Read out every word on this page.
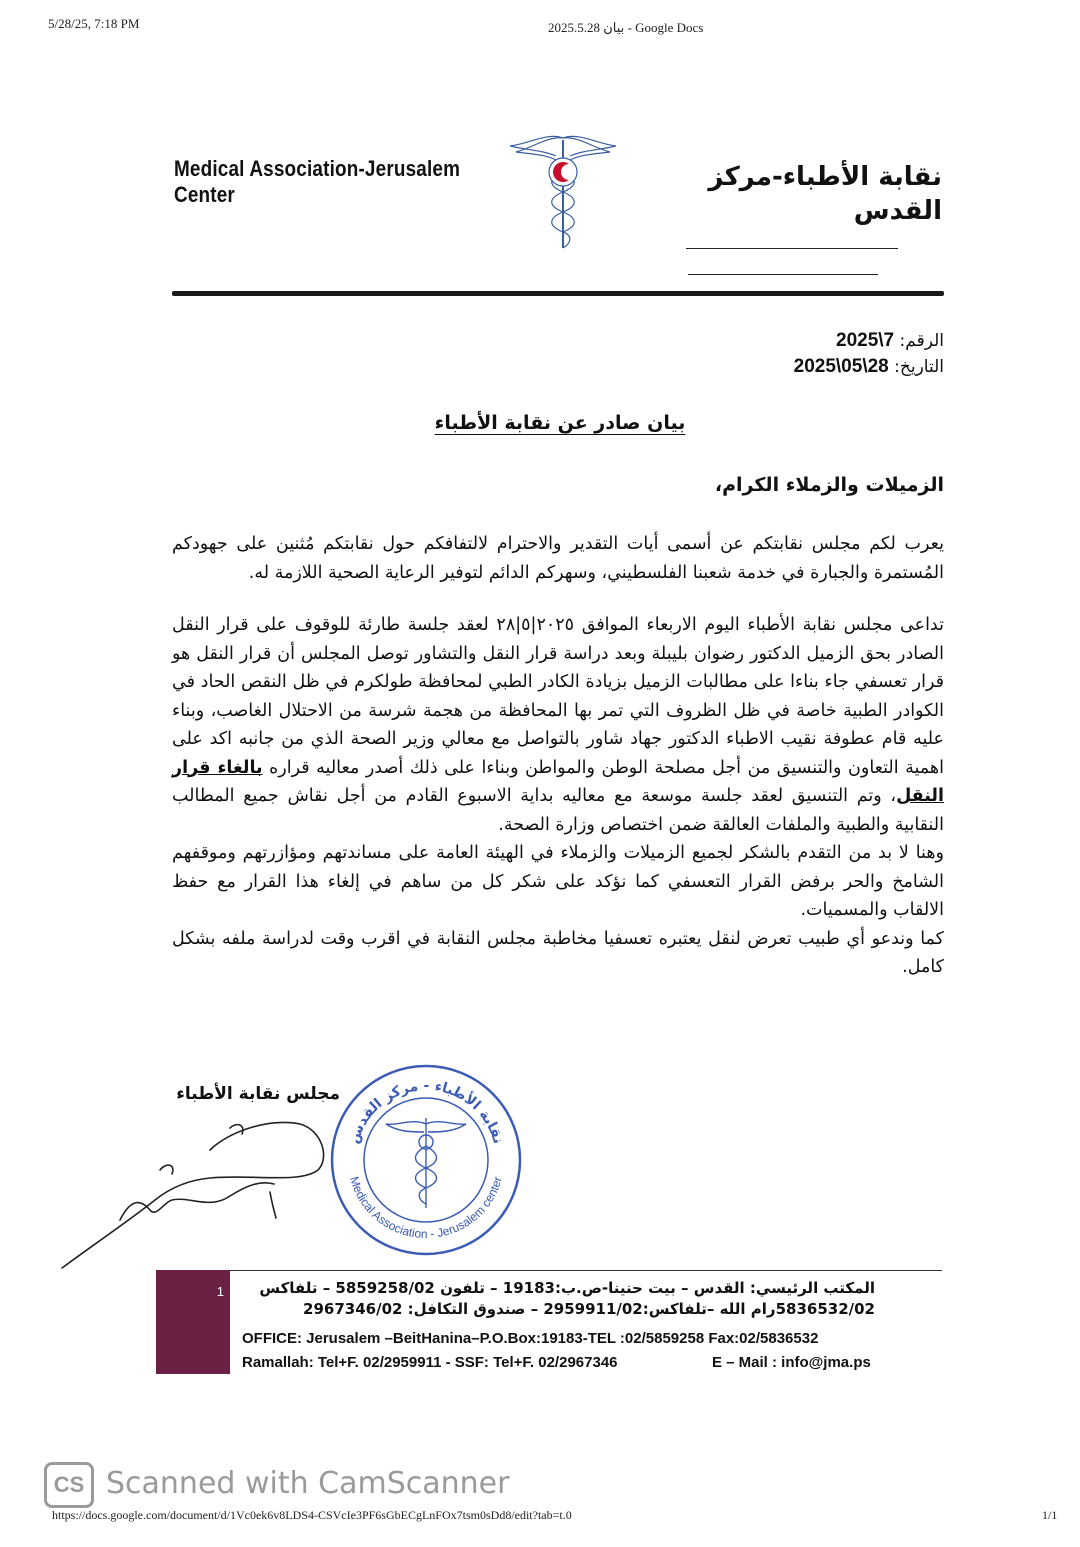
5/28/25, 7:18 PM	2025.5.28 بيان - Google Docs
Medical Association-Jerusalem
Center
نقابة الأطباء-مركز
القدس
الرقم: 2025\7
التاريخ: 2025\05\28
بيان صادر عن نقابة الأطباء
الزميلات والزملاء الكرام،

يعرب لكم مجلس نقابتكم عن أسمى أيات التقدير والاحترام لالتفافكم حول نقابتكم مُثنين على جهودكم المُستمرة والجبارة في خدمة شعبنا الفلسطيني، وسهركم الدائم لتوفير الرعاية الصحية اللازمة له.

تداعى مجلس نقابة الأطباء اليوم الاربعاء الموافق ٢٠٢٥|٥|٢٨ لعقد جلسة طارئة للوقوف على قرار النقل الصادر بحق الزميل الدكتور رضوان بليبلة وبعد دراسة قرار النقل والتشاور توصل المجلس أن قرار النقل هو قرار تعسفي جاء بناءا على مطالبات الزميل بزيادة الكادر الطبي لمحافظة طولكرم في ظل النقص الحاد في الكوادر الطبية خاصة في ظل الظروف التي تمر بها المحافظة من هجمة شرسة من الاحتلال الغاصب، وبناء عليه قام عطوفة نقيب الاطباء الدكتور جهاد شاور بالتواصل مع معالي وزير الصحة الذي من جانبه اكد على اهمية التعاون والتنسيق من أجل مصلحة الوطن والمواطن وبناءا على ذلك أصدر معاليه قراره بالغاء قرار النقل، وتم التنسيق لعقد جلسة موسعة مع معاليه بداية الاسبوع القادم من أجل نقاش جميع المطالب النقابية والطبية والملفات العالقة ضمن اختصاص وزارة الصحة.

وهنا لا بد من التقدم بالشكر لجميع الزميلات والزملاء في الهيئة العامة على مساندتهم ومؤازرتهم وموقفهم الشامخ والحر برفض القرار التعسفي كما نؤكد على شكر كل من ساهم في إلغاء هذا القرار مع حفظ الالقاب والمسميات.

كما وندعو أي طبيب تعرض لنقل يعتبره تعسفيا مخاطبة مجلس النقابة في اقرب وقت لدراسة ملفه بشكل كامل.

مجلس نقابة الأطباء
نقابة الأطباء - مركز القدس
Medical Association - Jerusalem center
1	المكتب الرئيسي: القدس – بيت حنينا-ص.ب:19183 – تلفون 5859258/02 – تلفاكس
5836532/02رام الله –تلفاكس:2959911/02 – صندوق التكافل: 2967346/02
OFFICE: Jerusalem –BeitHanina–P.O.Box:19183-TEL :02/5859258 Fax:02/5836532
Ramallah: Tel+F. 02/2959911 - SSF: Tel+F. 02/2967346	E – Mail : info@jma.ps
CS Scanned with CamScanner
https://docs.google.com/document/d/1Vc0ek6v8LDS4-CSVcIe3PF6sGbECgLnFOx7tsm0sDd8/edit?tab=t.0	1/1
